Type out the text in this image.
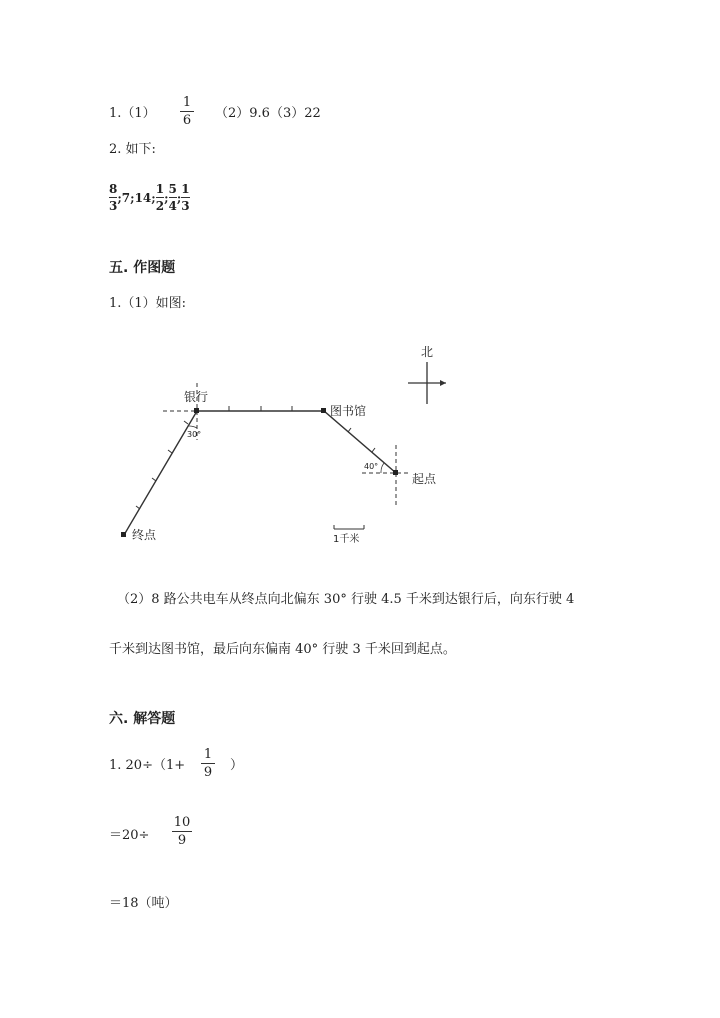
1.（1）
1
6 （2）9.6（3）22
2. 如下:
$\frac{8}{3}$ ;7;14; $\frac{1}{2}$ ; $\frac{5}{4}$ ; $\frac{1}{3}$
五. 作图题
1.（1）如图:
北
银行
图书馆
起点
终点
30°
40°
1千米
（2）8 路公共电车从终点向北偏东 30° 行驶 4.5 千米到达银行后，向东行驶 4
千米到达图书馆，最后向东偏南 40° 行驶 3 千米回到起点。
六. 解答题
1. 20÷（1+
1
9 ）
＝20÷
10
9
＝18（吨）
